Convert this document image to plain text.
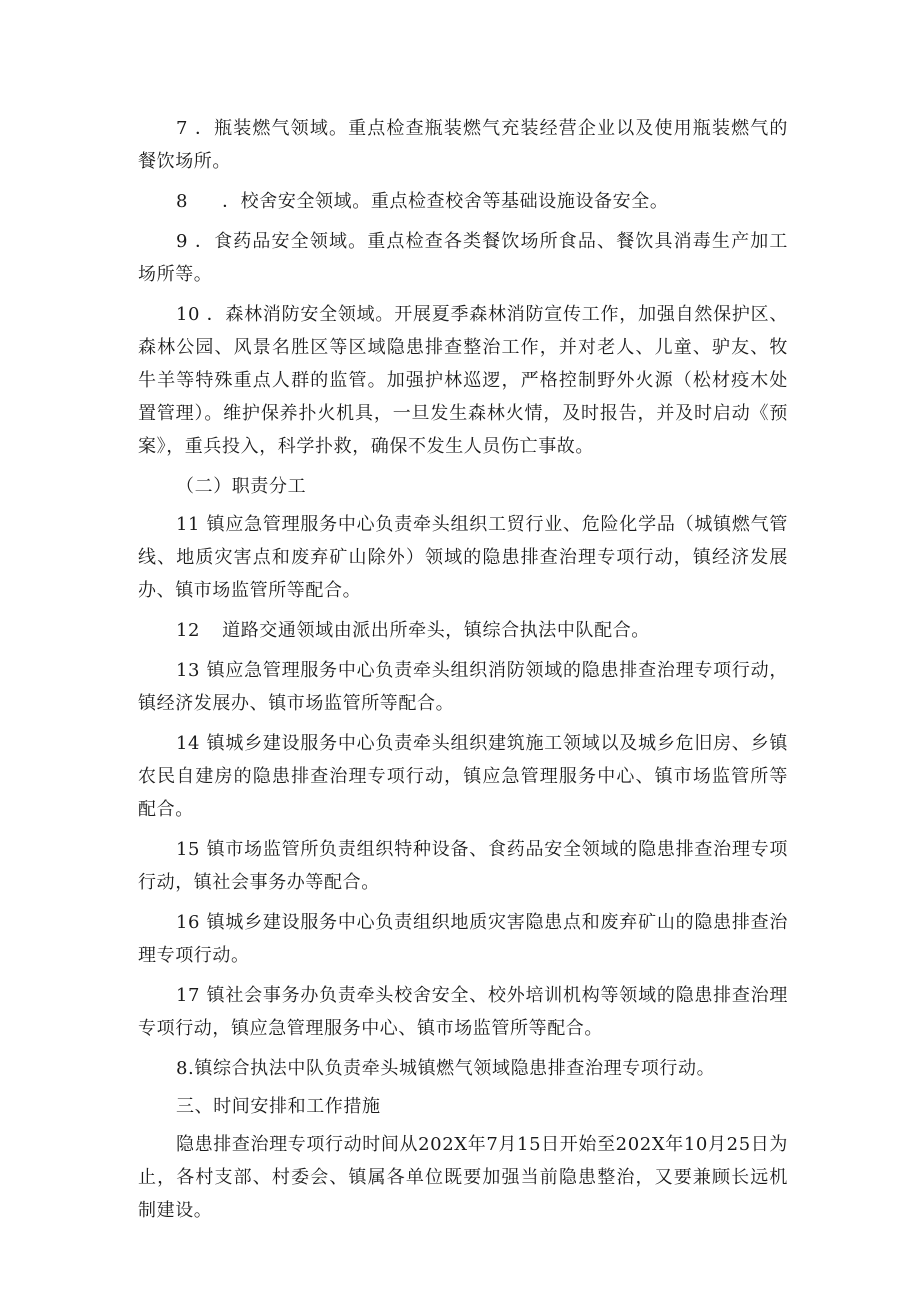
7 ．瓶装燃气领域。重点检查瓶装燃气充装经营企业以及使用瓶装燃气的餐饮场所。

8 ．校舍安全领域。重点检查校舍等基础设施设备安全。

9 ．食药品安全领域。重点检查各类餐饮场所食品、餐饮具消毒生产加工场所等。

10 ．森林消防安全领域。开展夏季森林消防宣传工作，加强自然保护区、森林公园、风景名胜区等区域隐患排查整治工作，并对老人、儿童、驴友、牧牛羊等特殊重点人群的监管。加强护林巡逻，严格控制野外火源（松材疫木处置管理）。维护保养扑火机具，一旦发生森林火情，及时报告，并及时启动《预案》，重兵投入，科学扑救，确保不发生人员伤亡事故。

（二）职责分工

11 镇应急管理服务中心负责牵头组织工贸行业、危险化学品（城镇燃气管线、地质灾害点和废弃矿山除外）领域的隐患排查治理专项行动，镇经济发展办、镇市场监管所等配合。

12 道路交通领域由派出所牵头，镇综合执法中队配合。

13 镇应急管理服务中心负责牵头组织消防领域的隐患排查治理专项行动，镇经济发展办、镇市场监管所等配合。

14 镇城乡建设服务中心负责牵头组织建筑施工领域以及城乡危旧房、乡镇农民自建房的隐患排查治理专项行动，镇应急管理服务中心、镇市场监管所等配合。

15 镇市场监管所负责组织特种设备、食药品安全领域的隐患排查治理专项行动，镇社会事务办等配合。

16 镇城乡建设服务中心负责组织地质灾害隐患点和废弃矿山的隐患排查治理专项行动。

17 镇社会事务办负责牵头校舍安全、校外培训机构等领域的隐患排查治理专项行动，镇应急管理服务中心、镇市场监管所等配合。

8.镇综合执法中队负责牵头城镇燃气领域隐患排查治理专项行动。

三、时间安排和工作措施

隐患排查治理专项行动时间从202X年7月15日开始至202X年10月25日为止，各村支部、村委会、镇属各单位既要加强当前隐患整治，又要兼顾长远机制建设。
